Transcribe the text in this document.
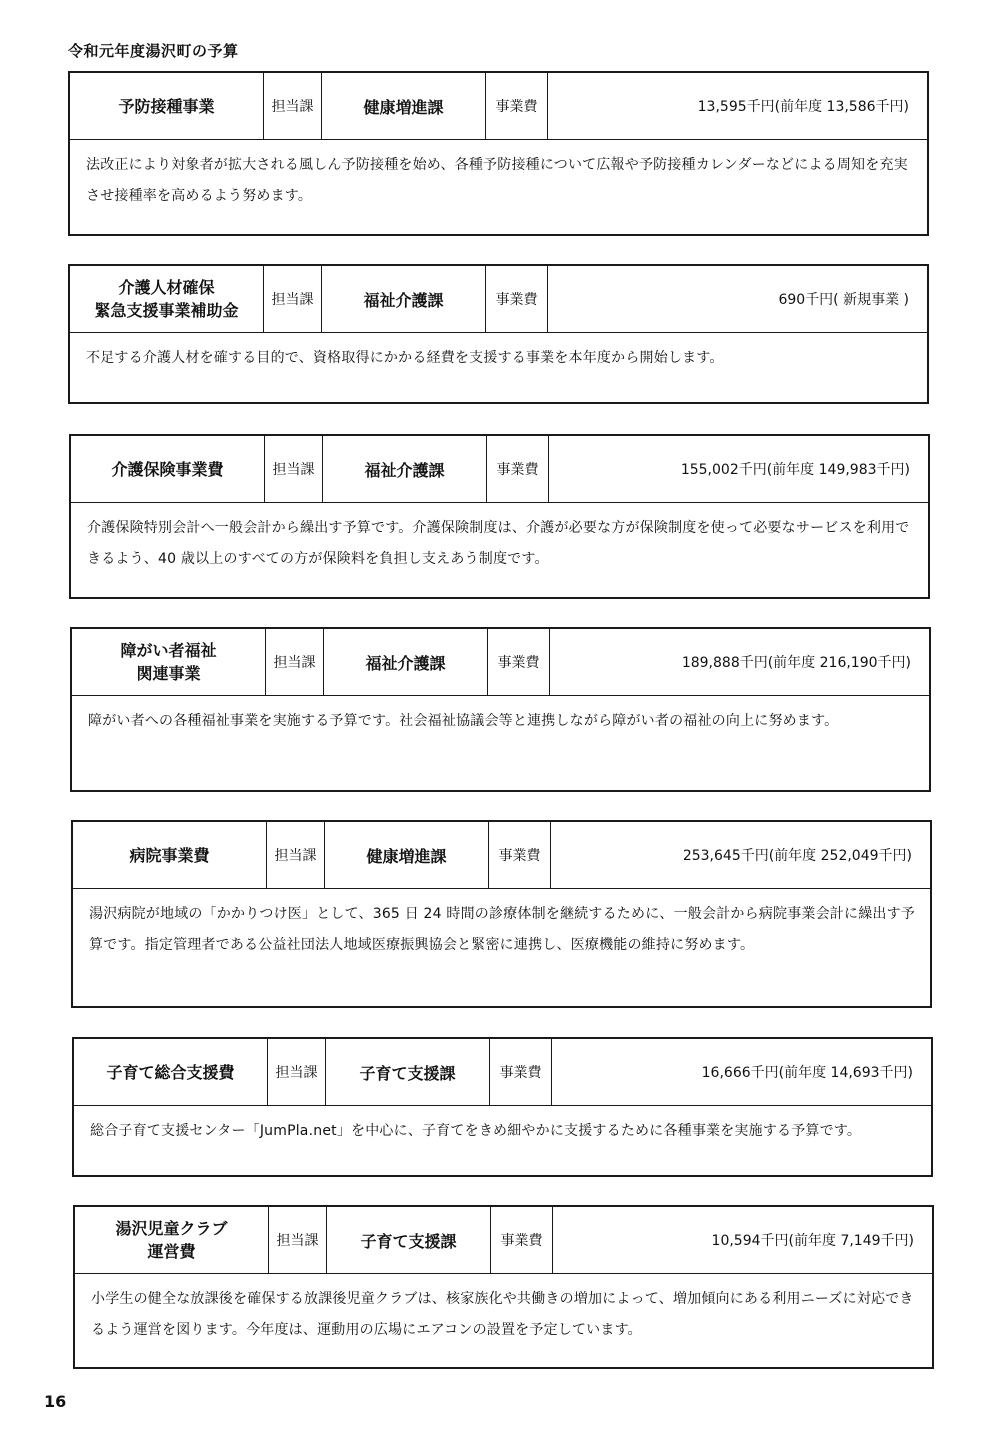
令和元年度湯沢町の予算
予防接種事業	担当課	健康増進課	事業費	13,595千円(前年度 13,586千円)
法改正により対象者が拡大される風しん予防接種を始め、各種予防接種について広報や予防接種カレンダーなどによる周知を充実させ接種率を高めるよう努めます。
介護人材確保
緊急支援事業補助金
担当課	福祉介護課	事業費	690千円( 新規事業 )
不足する介護人材を確する目的で、資格取得にかかる経費を支援する事業を本年度から開始します。
介護保険事業費	担当課	福祉介護課	事業費	155,002千円(前年度 149,983千円)
介護保険特別会計へ一般会計から繰出す予算です。介護保険制度は、介護が必要な方が保険制度を使って必要なサービスを利用できるよう、40 歳以上のすべての方が保険料を負担し支えあう制度です。
障がい者福祉
関連事業
担当課	福祉介護課	事業費	189,888千円(前年度 216,190千円)
障がい者への各種福祉事業を実施する予算です。社会福祉協議会等と連携しながら障がい者の福祉の向上に努めます。
病院事業費	担当課	健康増進課	事業費	253,645千円(前年度 252,049千円)
湯沢病院が地域の「かかりつけ医」として、365 日 24 時間の診療体制を継続するために、一般会計から病院事業会計に繰出す予算です。指定管理者である公益社団法人地域医療振興協会と緊密に連携し、医療機能の維持に努めます。
子育て総合支援費	担当課	子育て支援課	事業費	16,666千円(前年度 14,693千円)
総合子育て支援センター「JumPla.net」を中心に、子育てをきめ細やかに支援するために各種事業を実施する予算です。
湯沢児童クラブ
運営費
担当課	子育て支援課	事業費	10,594千円(前年度 7,149千円)
小学生の健全な放課後を確保する放課後児童クラブは、核家族化や共働きの増加によって、増加傾向にある利用ニーズに対応できるよう運営を図ります。今年度は、運動用の広場にエアコンの設置を予定しています。
16
